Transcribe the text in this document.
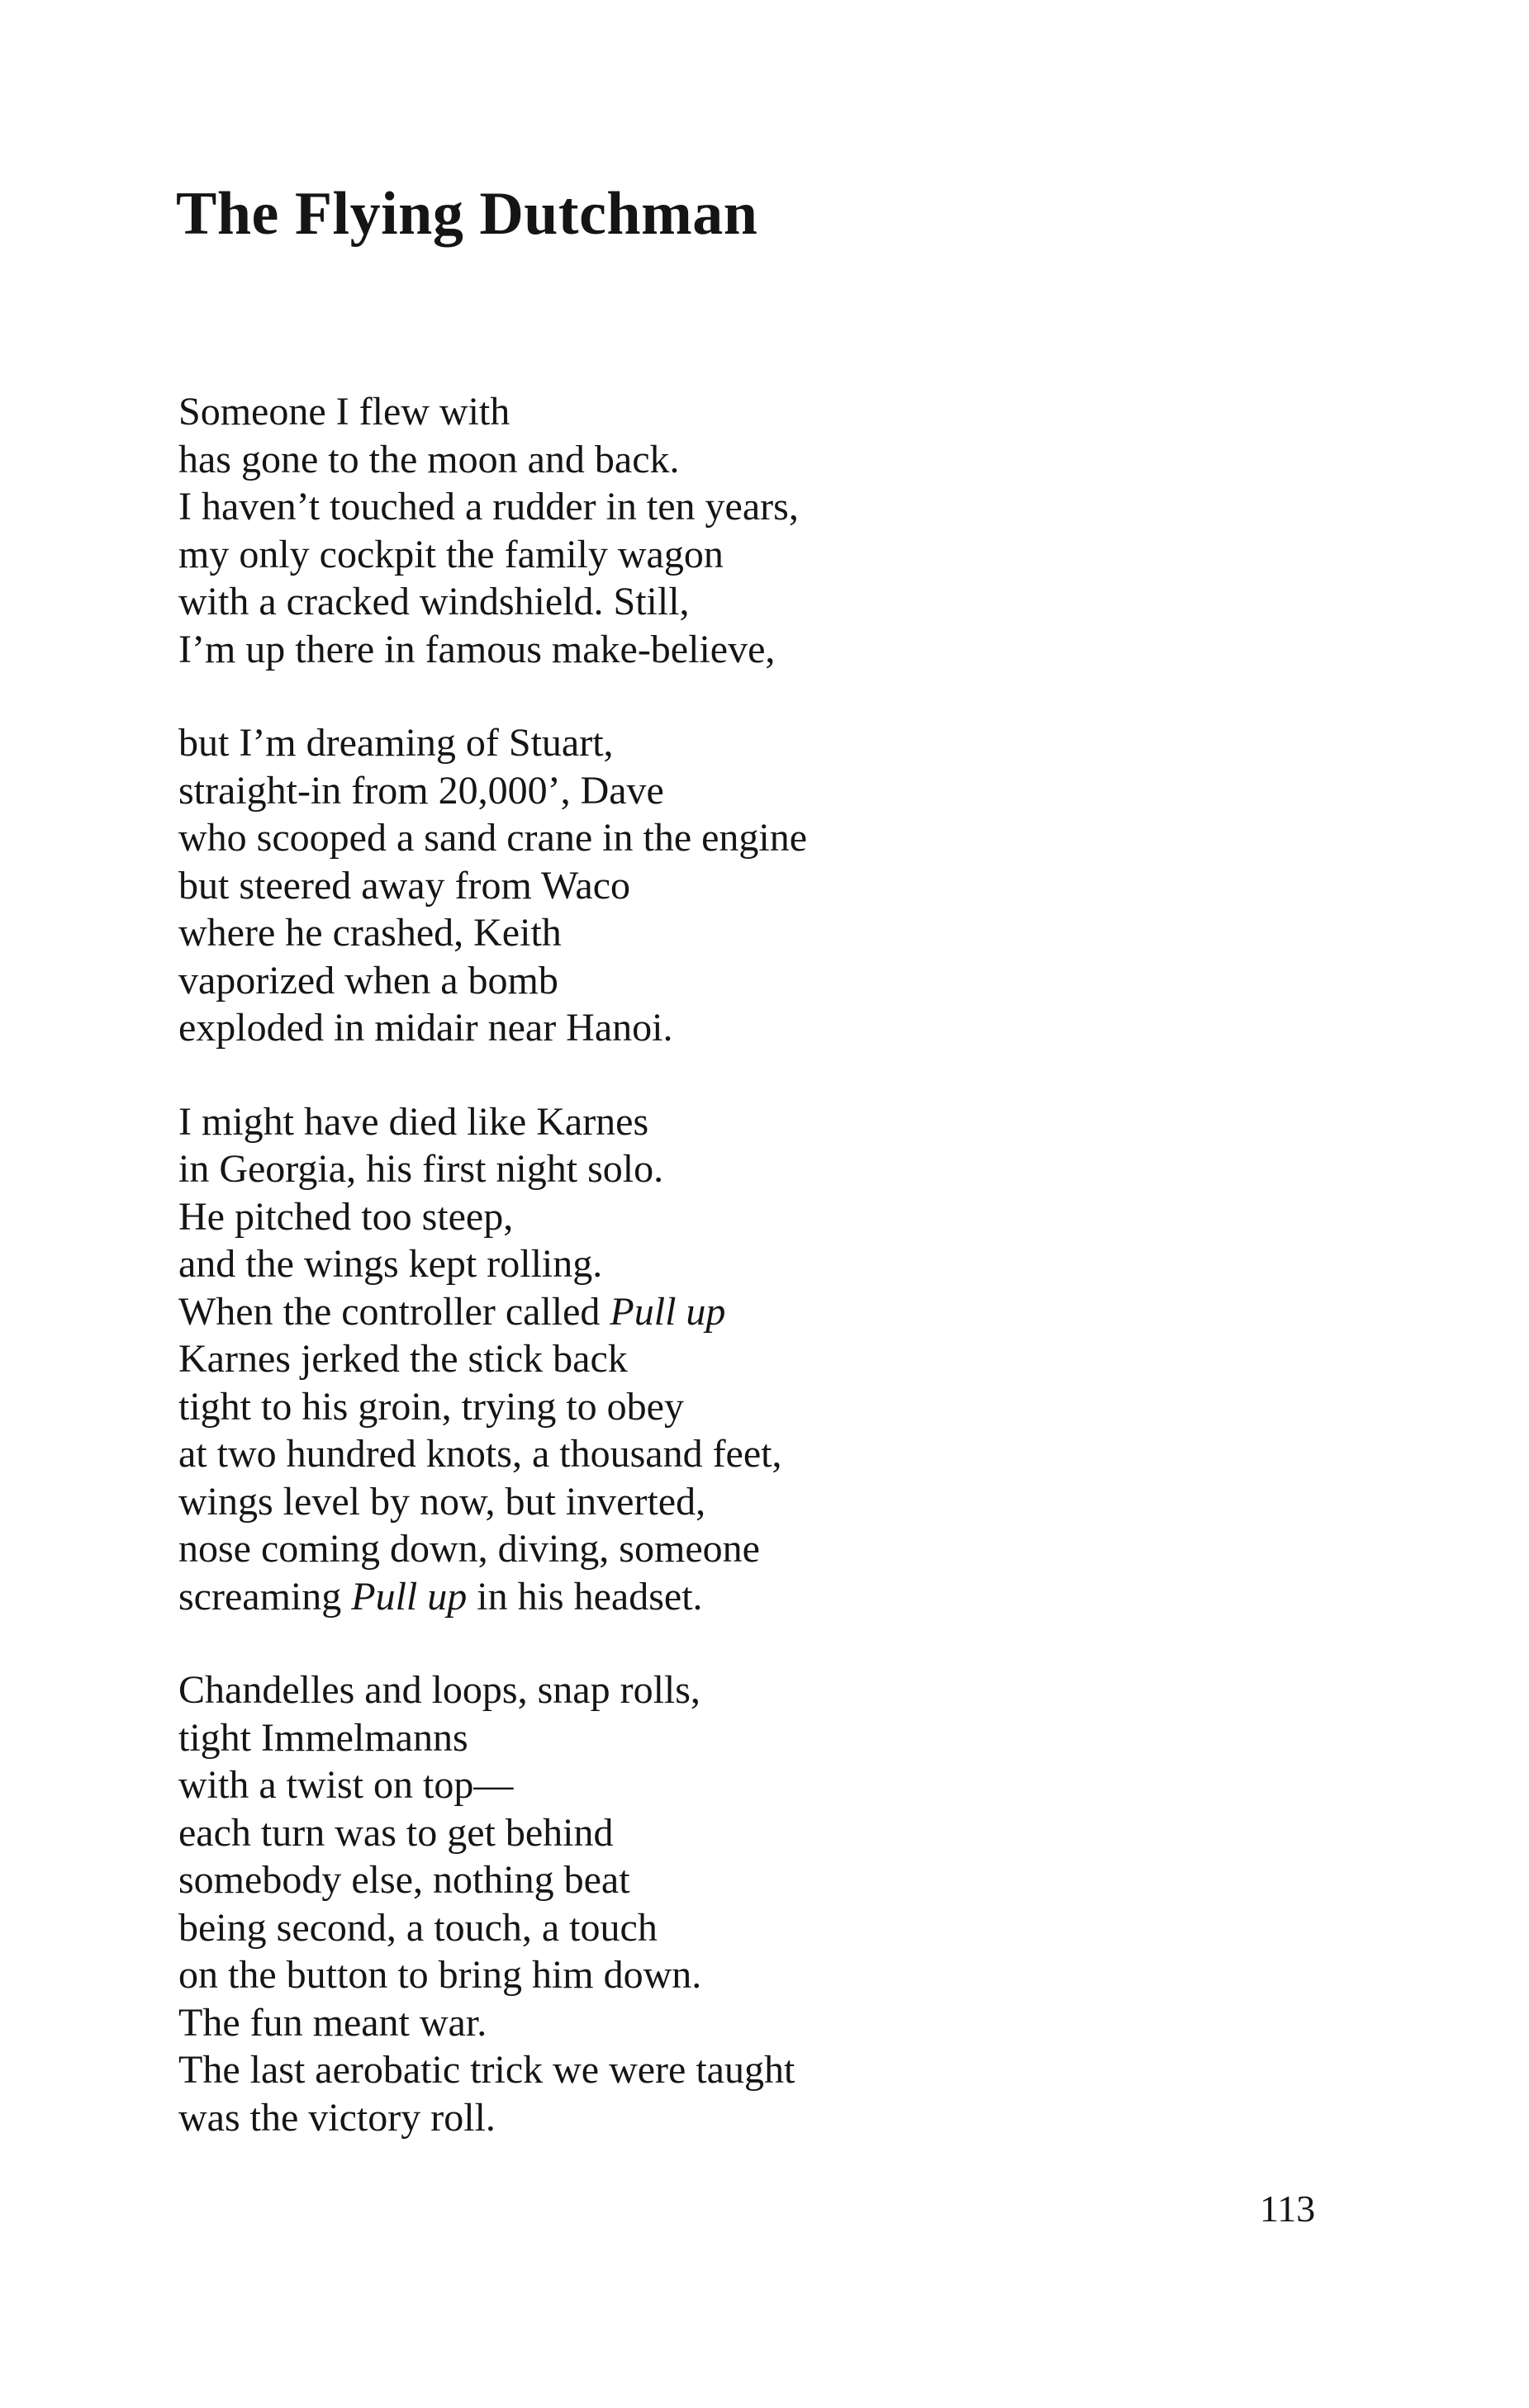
The Flying Dutchman
Someone I flew with
has gone to the moon and back.
I haven’t touched a rudder in ten years,
my only cockpit the family wagon
with a cracked windshield. Still,
I’m up there in famous make-believe,
but I’m dreaming of Stuart,
straight-in from 20,000’, Dave
who scooped a sand crane in the engine
but steered away from Waco
where he crashed, Keith
vaporized when a bomb
exploded in midair near Hanoi.
I might have died like Karnes
in Georgia, his first night solo.
He pitched too steep,
and the wings kept rolling.
When the controller called Pull up
Karnes jerked the stick back
tight to his groin, trying to obey
at two hundred knots, a thousand feet,
wings level by now, but inverted,
nose coming down, diving, someone
screaming Pull up in his headset.
Chandelles and loops, snap rolls,
tight Immelmanns
with a twist on top—
each turn was to get behind
somebody else, nothing beat
being second, a touch, a touch
on the button to bring him down.
The fun meant war.
The last aerobatic trick we were taught
was the victory roll.
113
